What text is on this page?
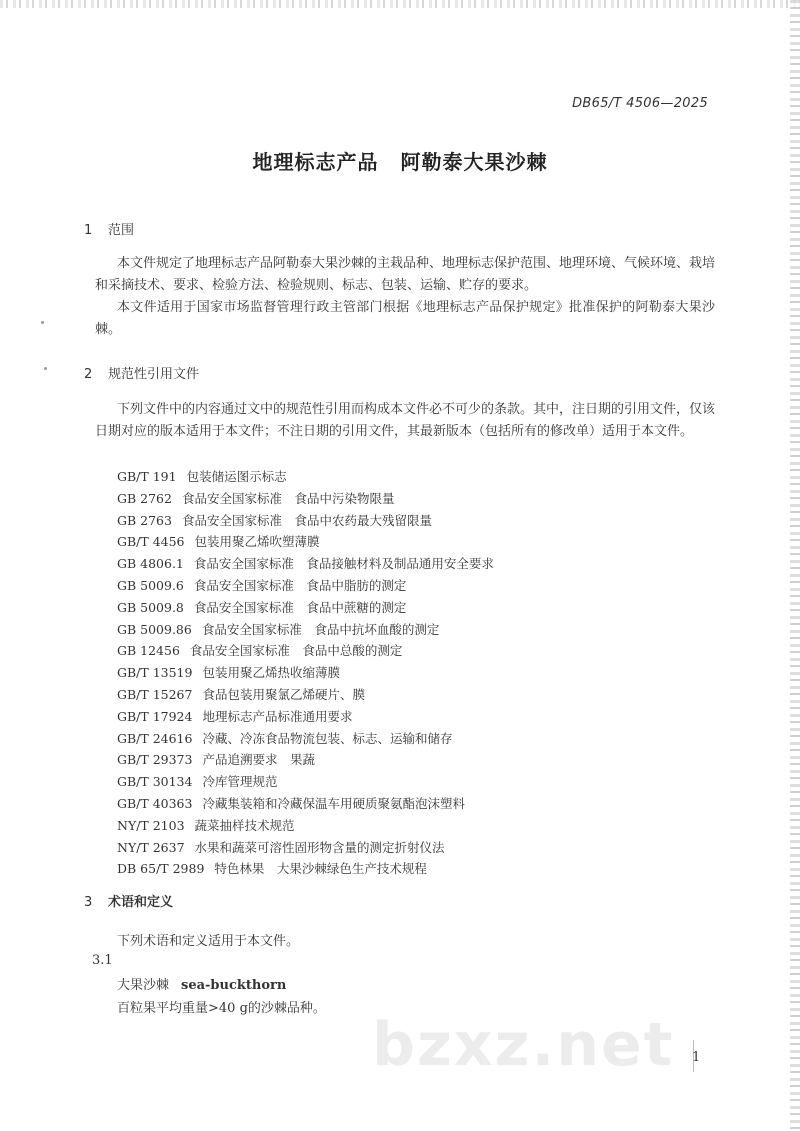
DB65/T 4506—2025
地理标志产品 阿勒泰大果沙棘
1 范围
本文件规定了地理标志产品阿勒泰大果沙棘的主栽品种、地理标志保护范围、地理环境、气候环境、栽培和采摘技术、要求、检验方法、检验规则、标志、包装、运输、贮存的要求。
本文件适用于国家市场监督管理行政主管部门根据《地理标志产品保护规定》批准保护的阿勒泰大果沙棘。
2 规范性引用文件
下列文件中的内容通过文中的规范性引用而构成本文件必不可少的条款。其中，注日期的引用文件，仅该日期对应的版本适用于本文件；不注日期的引用文件，其最新版本（包括所有的修改单）适用于本文件。
GB/T 191 包装储运图示标志
GB 2762 食品安全国家标准　食品中污染物限量
GB 2763 食品安全国家标准　食品中农药最大残留限量
GB/T 4456 包装用聚乙烯吹塑薄膜
GB 4806.1 食品安全国家标准　食品接触材料及制品通用安全要求
GB 5009.6 食品安全国家标准　食品中脂肪的测定
GB 5009.8 食品安全国家标准　食品中蔗糖的测定
GB 5009.86 食品安全国家标准　食品中抗坏血酸的测定
GB 12456 食品安全国家标准　食品中总酸的测定
GB/T 13519 包装用聚乙烯热收缩薄膜
GB/T 15267 食品包装用聚氯乙烯硬片、膜
GB/T 17924 地理标志产品标准通用要求
GB/T 24616 冷藏、冷冻食品物流包装、标志、运输和储存
GB/T 29373 产品追溯要求　果蔬
GB/T 30134 冷库管理规范
GB/T 40363 冷藏集装箱和冷藏保温车用硬质聚氨酯泡沫塑料
NY/T 2103 蔬菜抽样技术规范
NY/T 2637 水果和蔬菜可溶性固形物含量的测定折射仪法
DB 65/T 2989 特色林果　大果沙棘绿色生产技术规程
3 术语和定义
下列术语和定义适用于本文件。
3.1
大果沙棘 sea-buckthorn
百粒果平均重量>40 g的沙棘品种。
bzxz.net 1
